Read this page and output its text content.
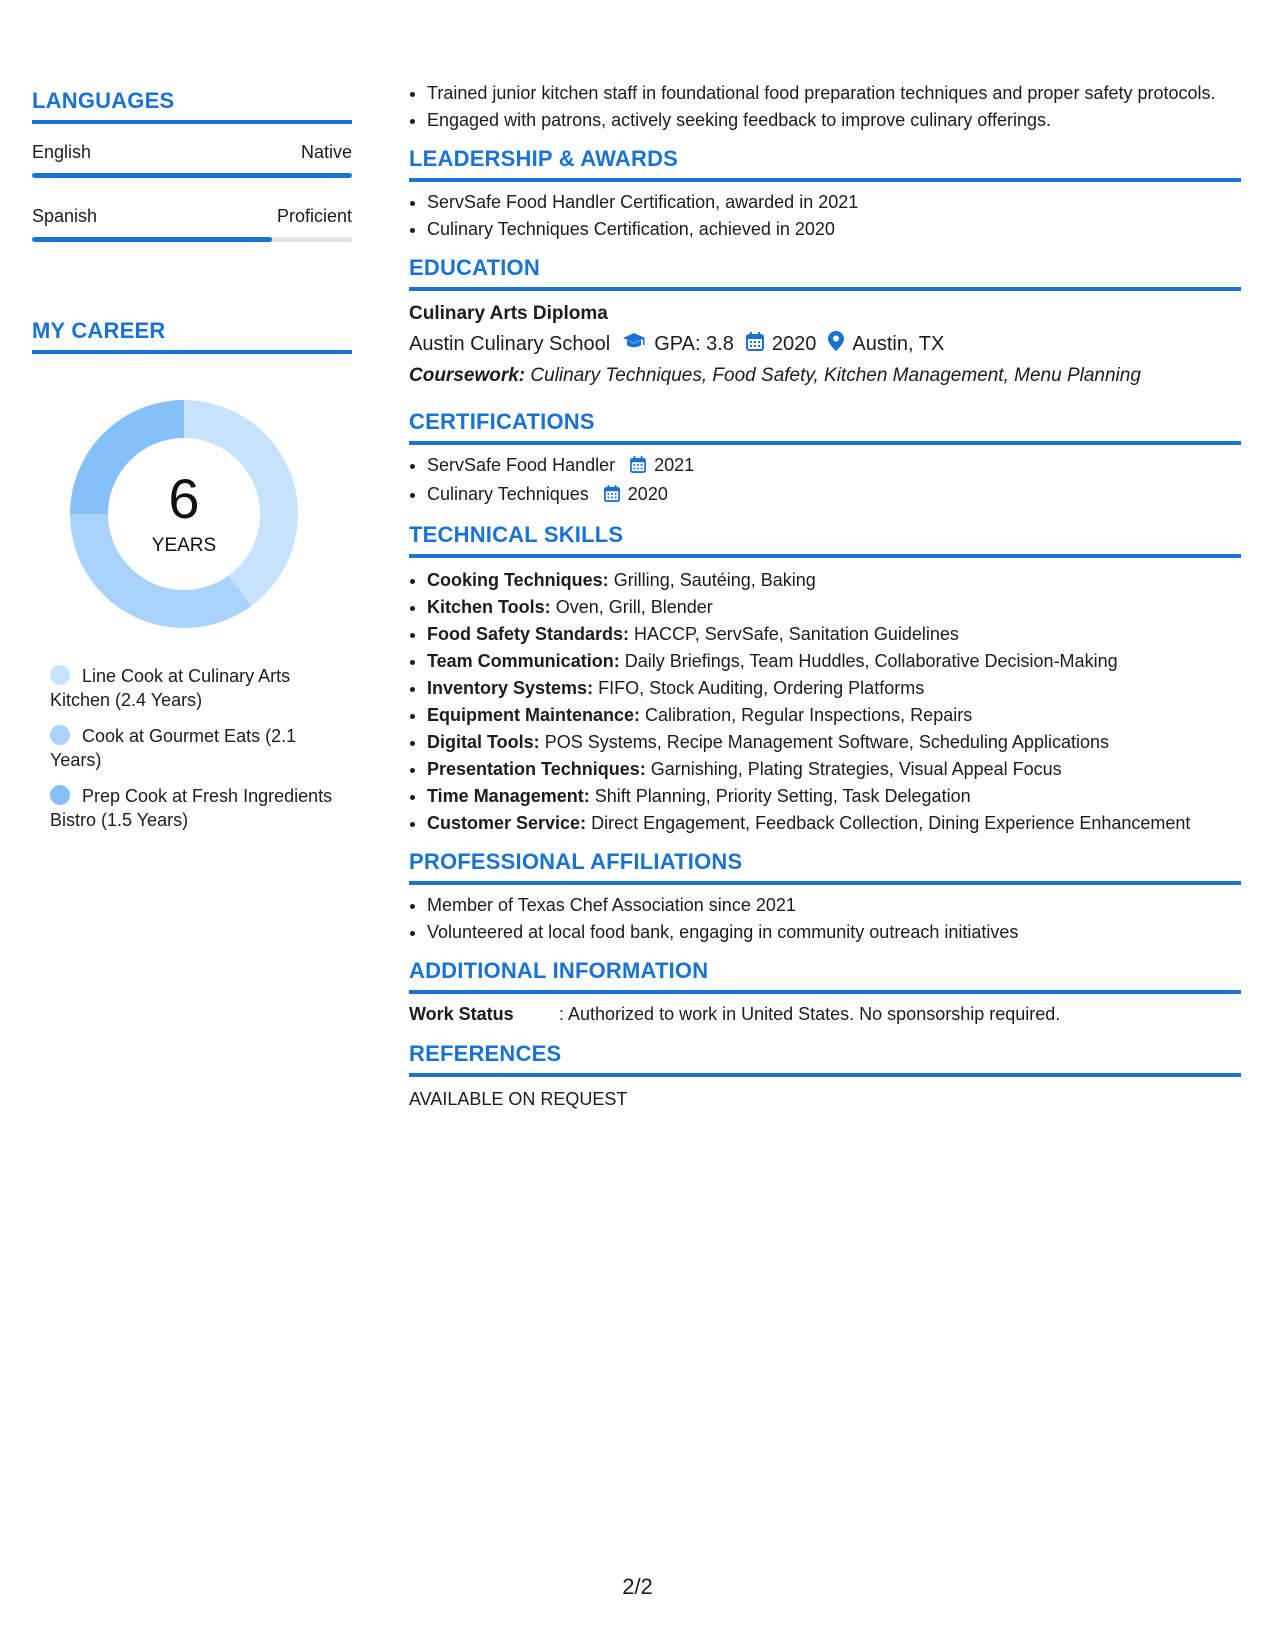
LANGUAGES
English	Native
Spanish	Proficient
MY CAREER
6
YEARS
Line Cook at Culinary Arts Kitchen (2.4 Years)
Cook at Gourmet Eats (2.1 Years)
Prep Cook at Fresh Ingredients Bistro (1.5 Years)
• Trained junior kitchen staff in foundational food preparation techniques and proper safety protocols.
• Engaged with patrons, actively seeking feedback to improve culinary offerings.
LEADERSHIP & AWARDS
• ServSafe Food Handler Certification, awarded in 2021
• Culinary Techniques Certification, achieved in 2020
EDUCATION
Culinary Arts Diploma
Austin Culinary School GPA: 3.8 2020 Austin, TX
Coursework: Culinary Techniques, Food Safety, Kitchen Management, Menu Planning
CERTIFICATIONS
• ServSafe Food Handler 2021
• Culinary Techniques 2020
TECHNICAL SKILLS
• Cooking Techniques: Grilling, Sautéing, Baking
• Kitchen Tools: Oven, Grill, Blender
• Food Safety Standards: HACCP, ServSafe, Sanitation Guidelines
• Team Communication: Daily Briefings, Team Huddles, Collaborative Decision-Making
• Inventory Systems: FIFO, Stock Auditing, Ordering Platforms
• Equipment Maintenance: Calibration, Regular Inspections, Repairs
• Digital Tools: POS Systems, Recipe Management Software, Scheduling Applications
• Presentation Techniques: Garnishing, Plating Strategies, Visual Appeal Focus
• Time Management: Shift Planning, Priority Setting, Task Delegation
• Customer Service: Direct Engagement, Feedback Collection, Dining Experience Enhancement
PROFESSIONAL AFFILIATIONS
• Member of Texas Chef Association since 2021
• Volunteered at local food bank, engaging in community outreach initiatives
ADDITIONAL INFORMATION
Work Status	: Authorized to work in United States. No sponsorship required.
REFERENCES
AVAILABLE ON REQUEST
2/2
